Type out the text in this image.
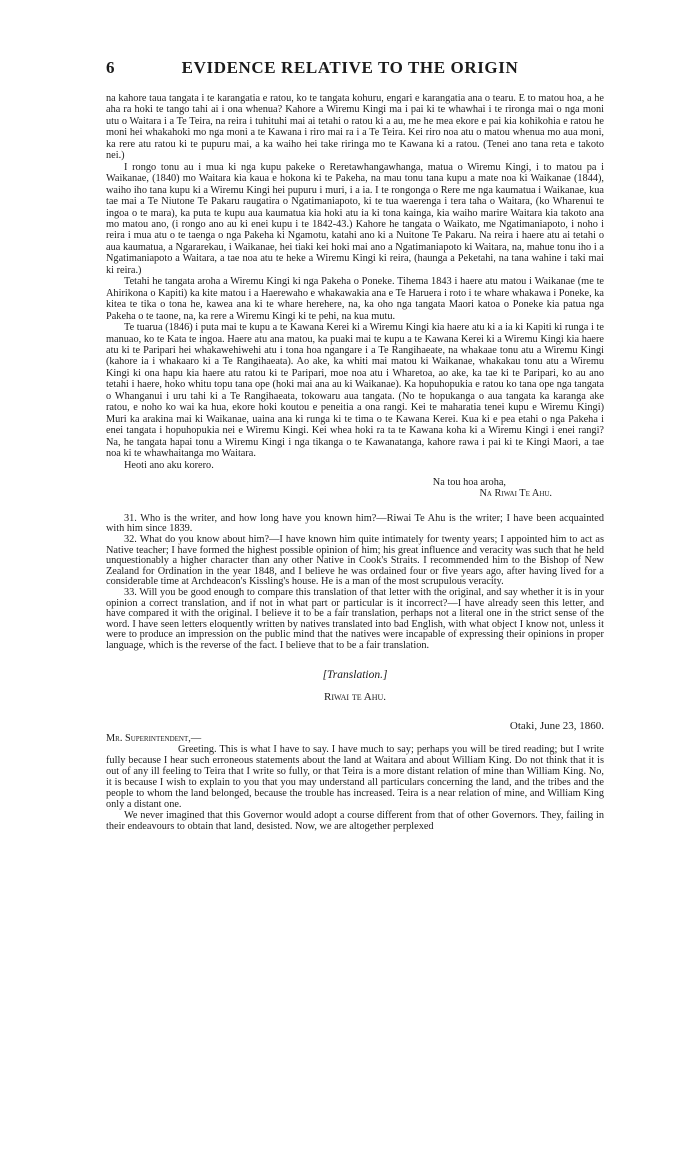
6	EVIDENCE RELATIVE TO THE ORIGIN

na kahore taua tangata i te karangatia e ratou, ko te tangata kohuru, engari e karangatia ana o tearu. E to matou hoa, a he aha ra hoki te tango tahi ai i ona whenua? Kahore a Wiremu Kingi ma i pai ki te whawhai i te rironga mai o nga moni utu o Waitara i a Te Teira, na reira i tuhituhi mai ai tetahi o ratou ki a au, me he mea ekore e pai kia kohikohia e ratou he moni hei whakahoki mo nga moni a te Kawana i riro mai ra i a Te Teira. Kei riro noa atu o matou whenua mo aua moni, ka rere atu ratou ki te pupuru mai, a ka waiho hei take riringa mo te Kawana ki a ratou. (Tenei ano tana reta e takoto nei.)

I rongo tonu au i mua ki nga kupu pakeke o Reretawhangawhanga, matua o Wiremu Kingi, i to matou pa i Waikanae, (1840) mo Waitara kia kaua e hokona ki te Pakeha, na mau tonu tana kupu a mate noa ki Waikanae (1844), waiho iho tana kupu ki a Wiremu Kingi hei pupuru i muri, i a ia. I te rongonga o Rere me nga kaumatua i Waikanae, kua tae mai a Te Niutone Te Pakaru raugatira o Ngatimaniapoto, ki te tua waerenga i tera taha o Waitara, (ko Wharenui te ingoa o te mara), ka puta te kupu aua kaumatua kia hoki atu ia ki tona kainga, kia waiho marire Waitara kia takoto ana mo matou ano, (i rongo ano au ki enei kupu i te 1842-43.) Kahore he tangata o Waikato, me Ngatimaniapoto, i noho i reira i mua atu o te taenga o nga Pakeha ki Ngamotu, katahi ano ki a Nuitone Te Pakaru. Na reira i haere atu ai tetahi o aua kaumatua, a Ngararekau, i Waikanae, hei tiaki kei hoki mai ano a Ngatimaniapoto ki Waitara, na, mahue tonu iho i a Ngatimaniapoto a Waitara, a tae noa atu te heke a Wiremu Kingi ki reira, (haunga a Peketahi, na tana wahine i taki mai ki reira.)

Tetahi he tangata aroha a Wiremu Kingi ki nga Pakeha o Poneke. Tihema 1843 i haere atu matou i Waikanae (me te Ahirikona o Kapiti) ka kite matou i a Haerewaho e whakawakia ana e Te Haruera i roto i te whare whakawa i Poneke, ka kitea te tika o tona he, kawea ana ki te whare herehere, na, ka oho nga tangata Maori katoa o Poneke kia patua nga Pakeha o te taone, na, ka rere a Wiremu Kingi ki te pehi, na kua mutu.

Te tuarua (1846) i puta mai te kupu a te Kawana Kerei ki a Wiremu Kingi kia haere atu ki a ia ki Kapiti ki runga i te manuao, ko te Kata te ingoa. Haere atu ana matou, ka puaki mai te kupu a te Kawana Kerei ki a Wiremu Kingi kia haere atu ki te Paripari hei whakawehiwehi atu i tona hoa ngangare i a Te Rangihaeate, na whakaae tonu atu a Wiremu Kingi (kahore ia i whakaaro ki a Te Rangihaeata). Ao ake, ka whiti mai matou ki Waikanae, whakakau tonu atu a Wiremu Kingi ki ona hapu kia haere atu ratou ki te Paripari, moe noa atu i Wharetoa, ao ake, ka tae ki te Paripari, ko au ano tetahi i haere, hoko whitu topu tana ope (hoki mai ana au ki Waikanae). Ka hopuhopukia e ratou ko tana ope nga tangata o Whanganui i uru tahi ki a Te Rangihaeata, tokowaru aua tangata. (No te hopukanga o aua tangata ka karanga ake ratou, e noho ko wai ka hua, ekore hoki koutou e peneitia a ona rangi. Kei te maharatia tenei kupu e Wiremu Kingi) Muri ka arakina mai ki Waikanae, uaina ana ki runga ki te tima o te Kawana Kerei. Kua ki e pea etahi o nga Pakeha i enei tangata i hopuhopukia nei e Wiremu Kingi. Kei whea hoki ra ta te Kawana koha ki a Wiremu Kingi i enei rangi? Na, he tangata hapai tonu a Wiremu Kingi i nga tikanga o te Kawanatanga, kahore rawa i pai ki te Kingi Maori, a tae noa ki te whawhaitanga mo Waitara.

Heoti ano aku korero.

Na tou hoa aroha,

Na Riwai Te Ahu.

31. Who is the writer, and how long have you known him?—Riwai Te Ahu is the writer; I have been acquainted with him since 1839.

32. What do you know about him?—I have known him quite intimately for twenty years; I appointed him to act as Native teacher; I have formed the highest possible opinion of him; his great influence and veracity was such that he held unquestionably a higher character than any other Native in Cook's Straits. I recommended him to the Bishop of New Zealand for Ordination in the year 1848, and I believe he was ordained four or five years ago, after having lived for a considerable time at Archdeacon's Kissling's house. He is a man of the most scrupulous veracity.

33. Will you be good enough to compare this translation of that letter with the original, and say whether it is in your opinion a correct translation, and if not in what part or particular is it incorrect?—I have already seen this letter, and have compared it with the original. I believe it to be a fair translation, perhaps not a literal one in the strict sense of the word. I have seen letters eloquently written by natives translated into bad English, with what object I know not, unless it were to produce an impression on the public mind that the natives were incapable of expressing their opinions in proper language, which is the reverse of the fact. I believe that to be a fair translation.

[Translation.]

Riwai te Ahu.

Otaki, June 23, 1860.

Mr. Superintendent,—

Greeting. This is what I have to say. I have much to say; perhaps you will be tired reading; but I write fully because I hear such erroneous statements about the land at Waitara and about William King. Do not think that it is out of any ill feeling to Teira that I write so fully, or that Teira is a more distant relation of mine than William King. No, it is because I wish to explain to you that you may understand all particulars concerning the land, and the tribes and the people to whom the land belonged, because the trouble has increased. Teira is a near relation of mine, and William King only a distant one.

We never imagined that this Governor would adopt a course different from that of other Governors. They, failing in their endeavours to obtain that land, desisted. Now, we are altogether perplexed
